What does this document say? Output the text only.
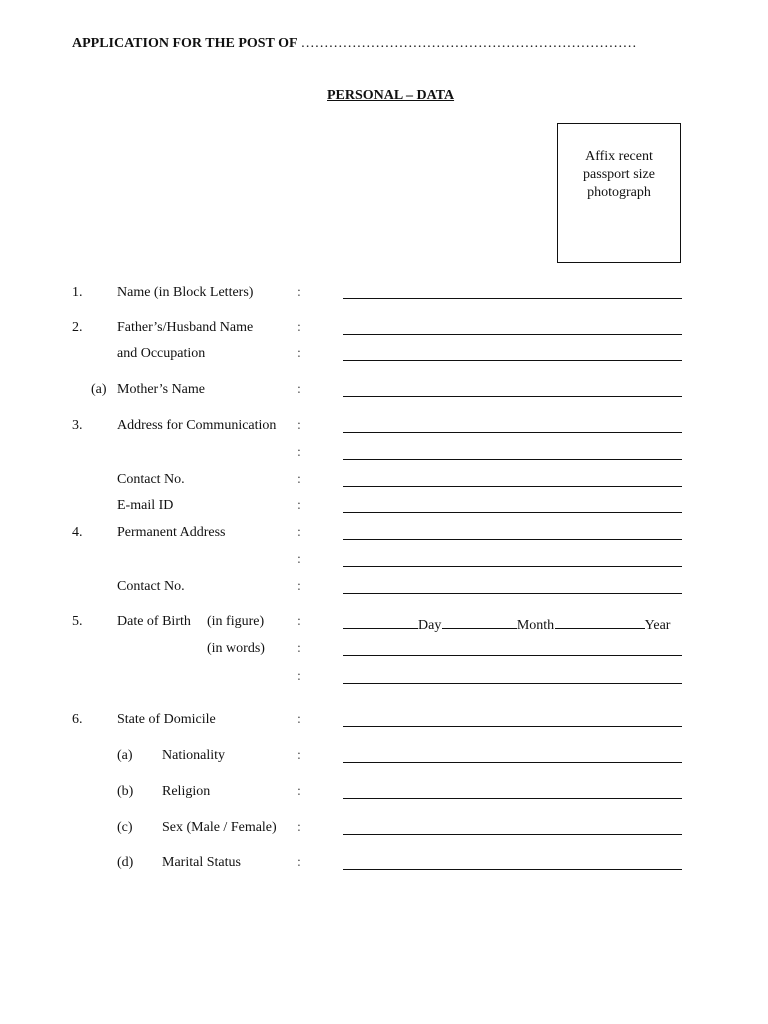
APPLICATION FOR THE POST OF ………………………………………………………………
PERSONAL – DATA
Affix recent
passport size
photograph
1. Name (in Block Letters)	:
2. Father’s/Husband Name	:
and Occupation	:
(a) Mother’s Name	:
3. Address for Communication :
:
Contact No.	:
E-mail ID	:
4. Permanent Address	:
:
Contact No.	:
5. Date of Birth (in figure) :	Day	Month	Year
(in words) :
:
6. State of Domicile	:
(a) Nationality	:
(b) Religion	:
(c) Sex (Male / Female) :
(d) Marital Status	:
